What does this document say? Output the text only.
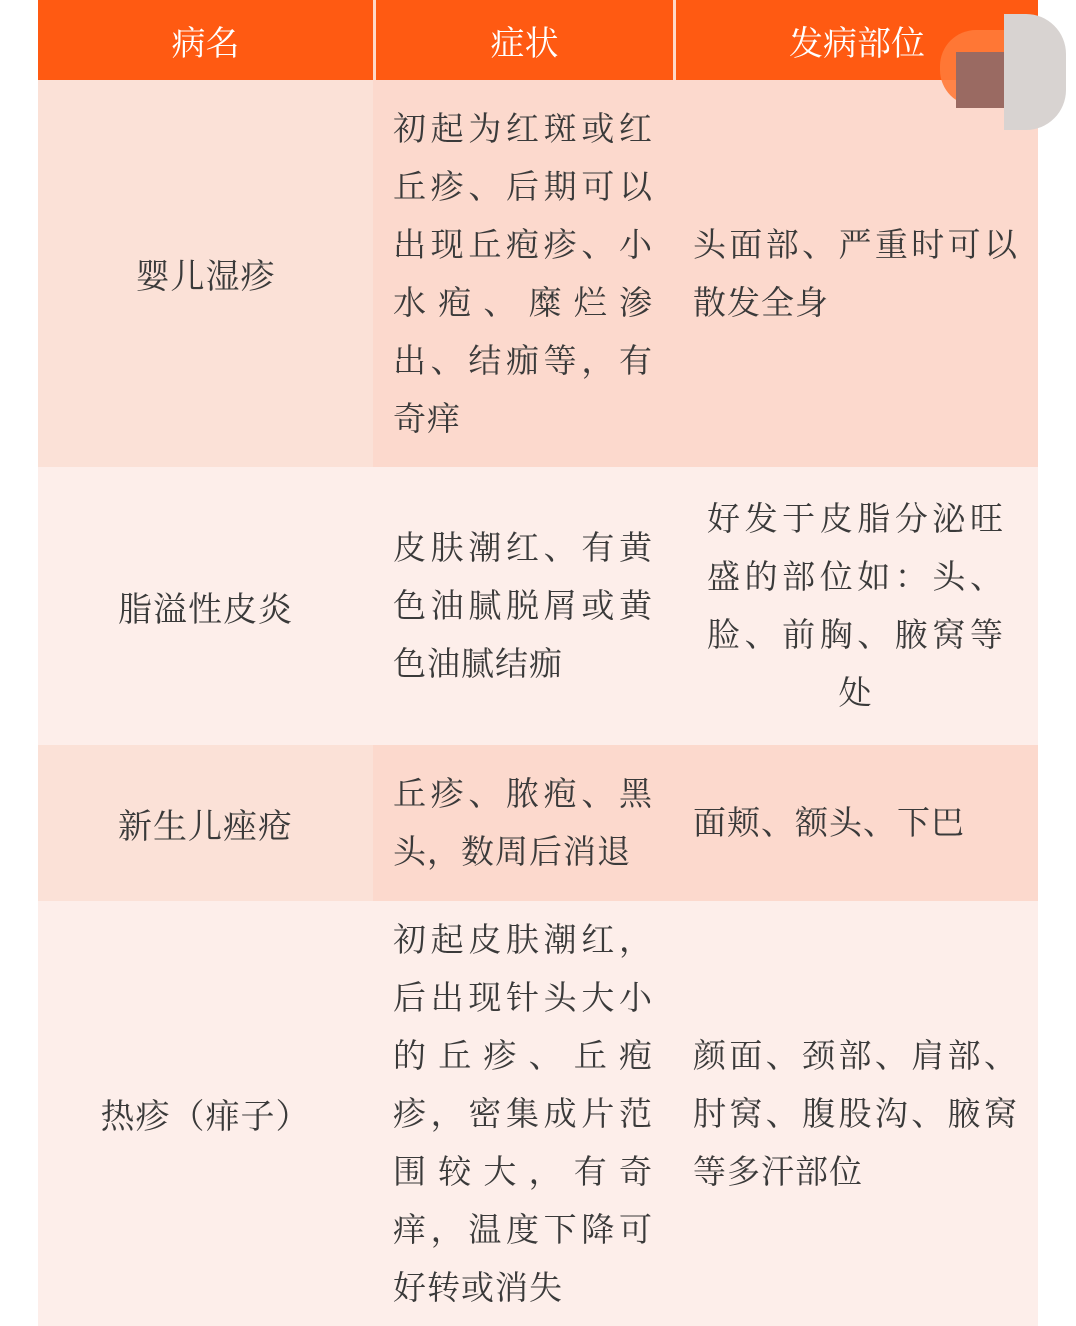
病名	症状	发病部位
婴儿湿疹
初起为红斑或红丘疹、后期可以出现丘疱疹、小水疱、糜烂渗出、结痂等，有奇痒
头面部、严重时可以散发全身
脂溢性皮炎
皮肤潮红、有黄色油腻脱屑或黄色油腻结痂
好发于皮脂分泌旺盛的部位如：头、脸、前胸、腋窝等处
新生儿痤疮
丘疹、脓疱、黑头，数周后消退
面颊、额头、下巴
热疹（痱子）
初起皮肤潮红，后出现针头大小的丘疹、丘疱疹，密集成片范围较大，有奇痒，温度下降可好转或消失
颜面、颈部、肩部、肘窝、腹股沟、腋窝等多汗部位
